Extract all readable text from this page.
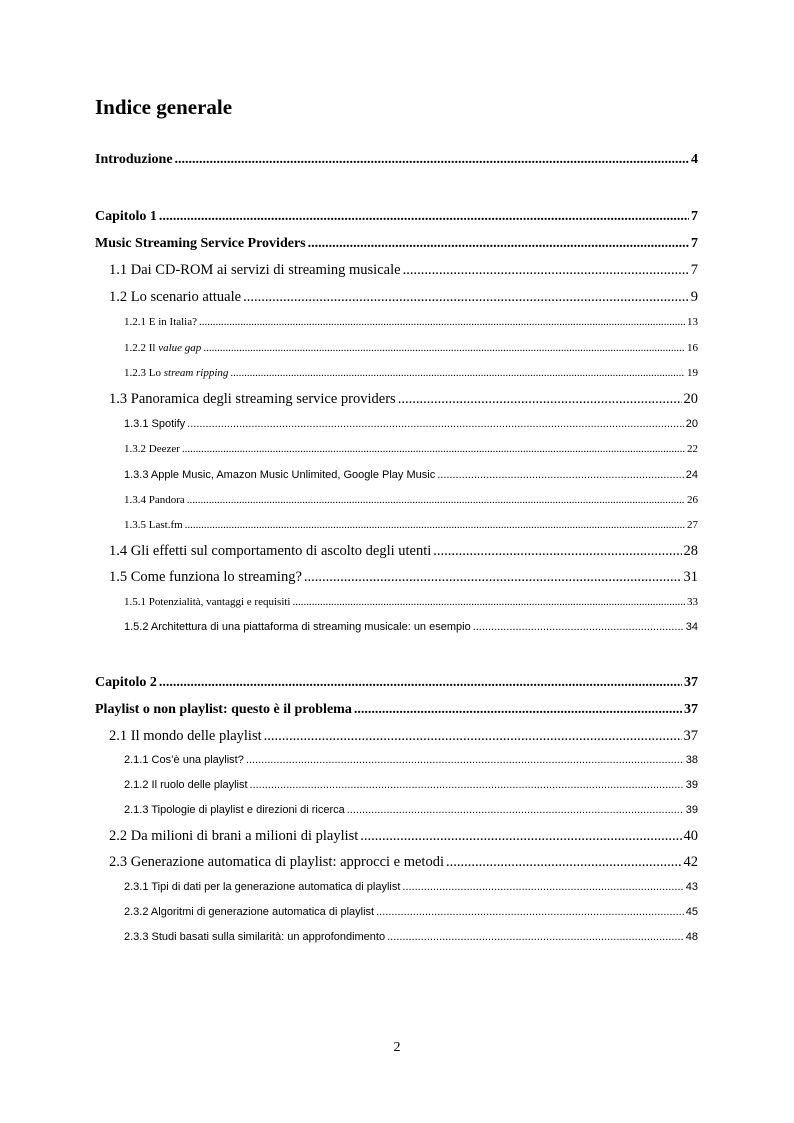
Indice generale
Introduzione .....	4
Capitolo 1 .....	7
Music Streaming Service Providers .....	7
1.1 Dai CD-ROM ai servizi di streaming musicale .....	7
1.2 Lo scenario attuale .....	9
1.2.1 E in Italia? .....	13
1.2.2 Il value gap .....	16
1.2.3 Lo stream ripping .....	19
1.3 Panoramica degli streaming service providers .....	20
1.3.1 Spotify .....	20
1.3.2 Deezer .....	22
1.3.3 Apple Music, Amazon Music Unlimited, Google Play Music .....	24
1.3.4 Pandora .....	26
1.3.5 Last.fm .....	27
1.4 Gli effetti sul comportamento di ascolto degli utenti .....	28
1.5 Come funziona lo streaming? .....	31
1.5.1 Potenzialità, vantaggi e requisiti .....	33
1.5.2 Architettura di una piattaforma di streaming musicale: un esempio .....	34
Capitolo 2 .....	37
Playlist o non playlist: questo è il problema .....	37
2.1 Il mondo delle playlist .....	37
2.1.1 Cos’è una playlist? .....	38
2.1.2 Il ruolo delle playlist .....	39
2.1.3 Tipologie di playlist e direzioni di ricerca .....	39
2.2 Da milioni di brani a milioni di playlist .....	40
2.3 Generazione automatica di playlist: approcci e metodi .....	42
2.3.1 Tipi di dati per la generazione automatica di playlist .....	43
2.3.2 Algoritmi di generazione automatica di playlist .....	45
2.3.3 Studi basati sulla similarità: un approfondimento .....	48
2
